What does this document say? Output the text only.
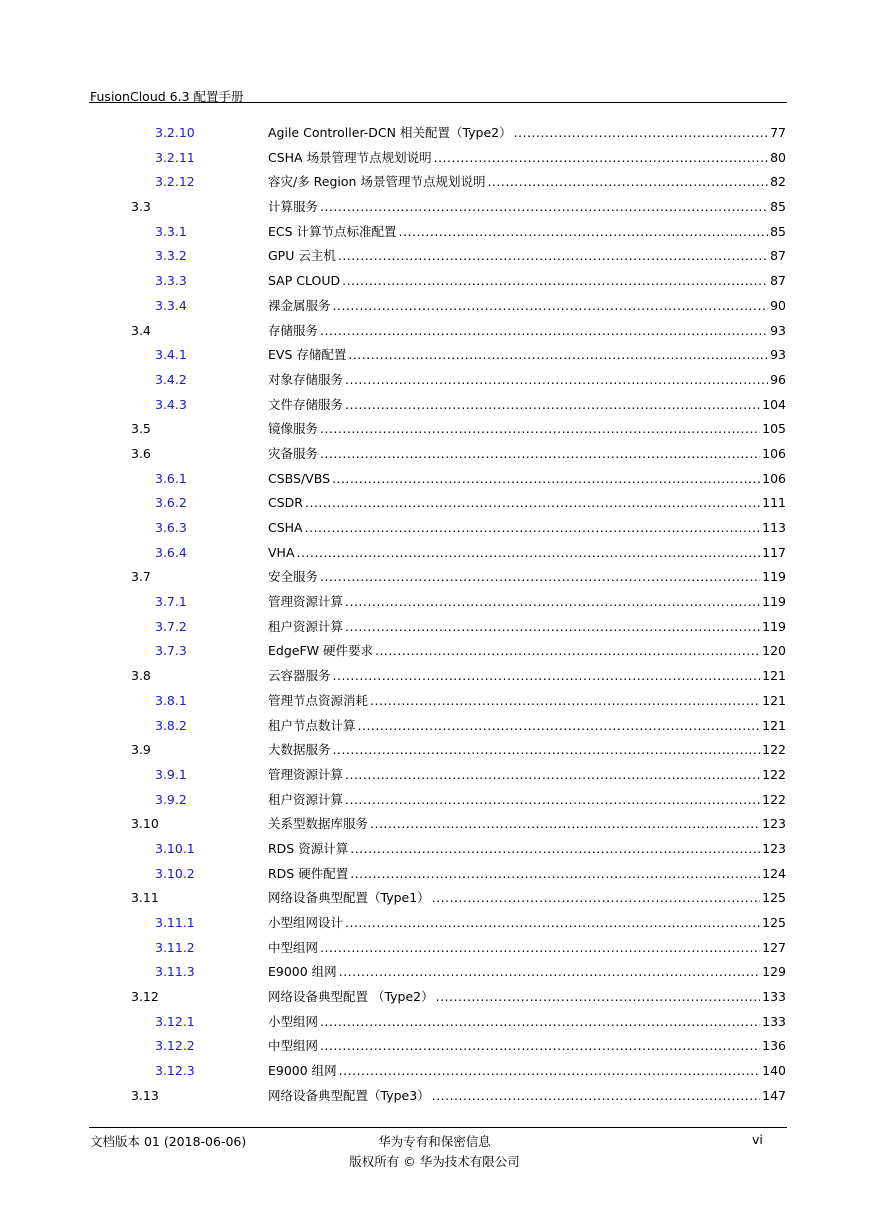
FusionCloud 6.3 配置手册
3.2.10	Agile Controller-DCN 相关配置（Type2） .....	77
3.2.11	CSHA 场景管理节点规划说明 .....	80
3.2.12	容灾/多 Region 场景管理节点规划说明 .....	82
3.3	计算服务 .....	85
3.3.1	ECS 计算节点标准配置 .....	85
3.3.2	GPU 云主机 .....	87
3.3.3	SAP CLOUD .....	87
3.3.4	裸金属服务 .....	90
3.4	存储服务 .....	93
3.4.1	EVS 存储配置 .....	93
3.4.2	对象存储服务 .....	96
3.4.3	文件存储服务 .....	104
3.5	镜像服务 .....	105
3.6	灾备服务 .....	106
3.6.1	CSBS/VBS .....	106
3.6.2	CSDR .....	111
3.6.3	CSHA .....	113
3.6.4	VHA .....	117
3.7	安全服务 .....	119
3.7.1	管理资源计算 .....	119
3.7.2	租户资源计算 .....	119
3.7.3	EdgeFW 硬件要求 .....	120
3.8	云容器服务 .....	121
3.8.1	管理节点资源消耗 .....	121
3.8.2	租户节点数计算 .....	121
3.9	大数据服务 .....	122
3.9.1	管理资源计算 .....	122
3.9.2	租户资源计算 .....	122
3.10	关系型数据库服务 .....	123
3.10.1	RDS 资源计算 .....	123
3.10.2	RDS 硬件配置 .....	124
3.11	网络设备典型配置（Type1） .....	125
3.11.1	小型组网设计 .....	125
3.11.2	中型组网 .....	127
3.11.3	E9000 组网 .....	129
3.12	网络设备典型配置 （Type2） .....	133
3.12.1	小型组网 .....	133
3.12.2	中型组网 .....	136
3.12.3	E9000 组网 .....	140
3.13	网络设备典型配置（Type3） .....	147
文档版本 01 (2018-06-06)	华为专有和保密信息
版权所有 © 华为技术有限公司
vi
